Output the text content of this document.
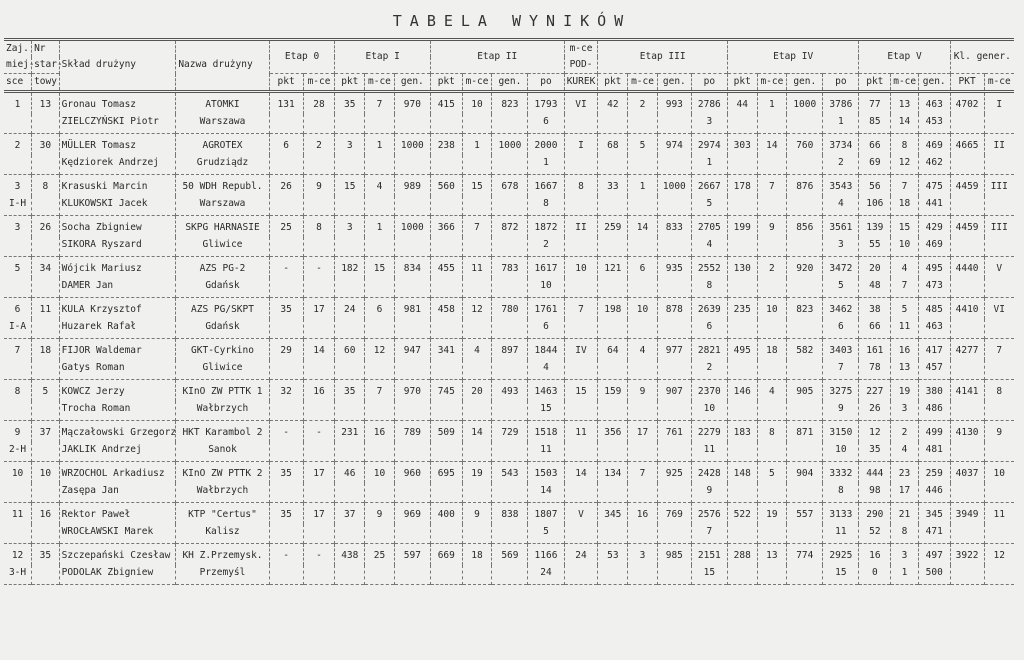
TABELA WYNIKÓW
Zaj.	Nr	Skład drużyny	Nazwa drużyny	Etap 0		Etap I			Etap II				m-ce	Etap III				Etap IV				Etap V			Kl. gener.	
miej-	star-												POD-													
sce	towy			pkt	m-ce	pkt	m-ce	gen.	pkt	m-ce	gen.	po	KUREK	pkt	m-ce	gen.	po	pkt	m-ce	gen.	po	pkt	m-ce	gen.	PKT	m-ce
1	13	Gronau Tomasz	ATOMKI	131	28	35	7	970	415	10	823	1793	VI	42	2	993	2786	44	1	1000	3786	77	13	463	4702	I
		ZIELCZYŃSKI Piotr	Warszawa									6					3				1	85	14	453		
2	30	MÜLLER Tomasz	AGROTEX	6	2	3	1	1000	238	1	1000	2000	I	68	5	974	2974	303	14	760	3734	66	8	469	4665	II
		Kędziorek Andrzej	Grudziądz									1					1				2	69	12	462		
3	8	Krasuski Marcin	50 WDH Republ.	26	9	15	4	989	560	15	678	1667	8	33	1	1000	2667	178	7	876	3543	56	7	475	4459	III
I-H		KLUKOWSKI Jacek	Warszawa									8					5				4	106	18	441		
3	26	Socha Zbigniew	SKPG HARNASIE	25	8	3	1	1000	366	7	872	1872	II	259	14	833	2705	199	9	856	3561	139	15	429	4459	III
		SIKORA Ryszard	Gliwice									2					4				3	55	10	469		
5	34	Wójcik Mariusz	AZS PG-2	-	-	182	15	834	455	11	783	1617	10	121	6	935	2552	130	2	920	3472	20	4	495	4440	V
		DAMER Jan	Gdańsk									10					8				5	48	7	473		
6	11	KULA Krzysztof	AZS PG/SKPT	35	17	24	6	981	458	12	780	1761	7	198	10	878	2639	235	10	823	3462	38	5	485	4410	VI
I-A		Huzarek Rafał	Gdańsk									6					6				6	66	11	463		
7	18	FIJOR Waldemar	GKT-Cyrkino	29	14	60	12	947	341	4	897	1844	IV	64	4	977	2821	495	18	582	3403	161	16	417	4277	7
		Gatys Roman	Gliwice									4					2				7	78	13	457		
8	5	KOWCZ Jerzy	KInO ZW PTTK 1	32	16	35	7	970	745	20	493	1463	15	159	9	907	2370	146	4	905	3275	227	19	380	4141	8
		Trocha Roman	Wałbrzych									15					10				9	26	3	486		
9	37	Mączałowski Grzegorz	HKT Karambol 2	-	-	231	16	789	509	14	729	1518	11	356	17	761	2279	183	8	871	3150	12	2	499	4130	9
2-H		JAKLIK Andrzej	Sanok									11					11				10	35	4	481		
10	10	WRZOCHOL Arkadiusz	KInO ZW PTTK 2	35	17	46	10	960	695	19	543	1503	14	134	7	925	2428	148	5	904	3332	444	23	259	4037	10
		Zasępa Jan	Wałbrzych									14					9				8	98	17	446		
11	16	Rektor Paweł	KTP "Certus"	35	17	37	9	969	400	9	838	1807	V	345	16	769	2576	522	19	557	3133	290	21	345	3949	11
		WROCŁAWSKI Marek	Kalisz									5					7				11	52	8	471		
12	35	Szczepański Czesław	KH Z.Przemysk.	-	-	438	25	597	669	18	569	1166	24	53	3	985	2151	288	13	774	2925	16	3	497	3922	12
3-H		PODOLAK Zbigniew	Przemyśl									24					15				15	0	1	500		
